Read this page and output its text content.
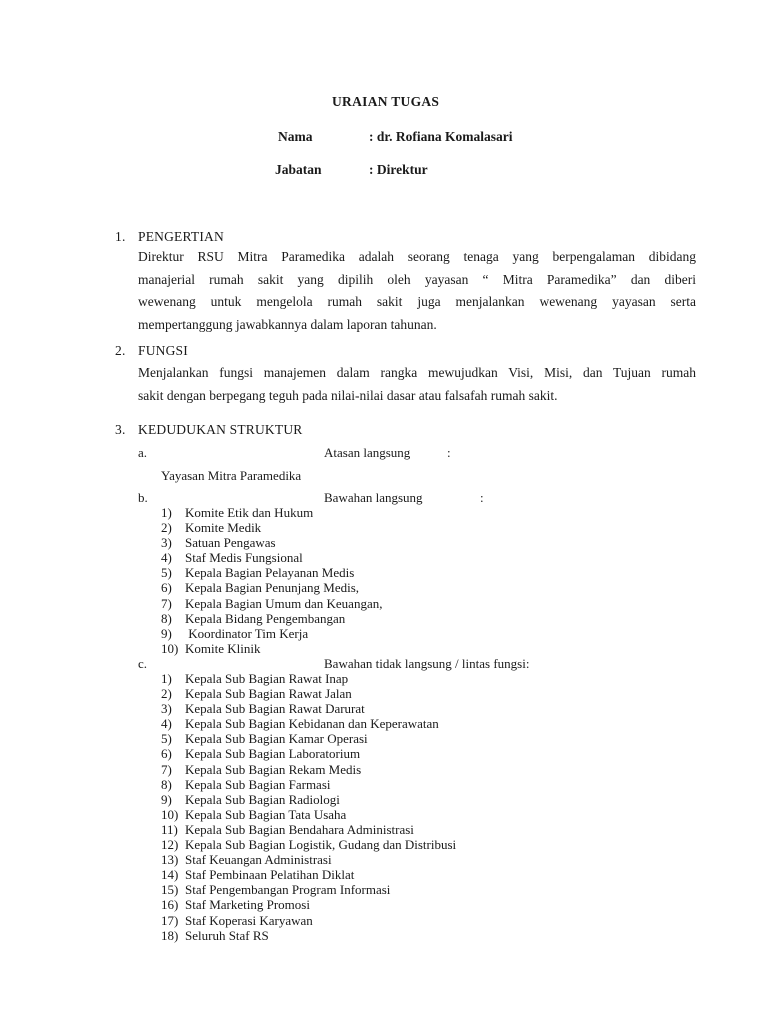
URAIAN TUGAS
Nama	: dr. Rofiana Komalasari
Jabatan	: Direktur
1. PENGERTIAN
Direktur RSU Mitra Paramedika adalah seorang tenaga yang berpengalaman dibidang
manajerial rumah sakit yang dipilih oleh yayasan “ Mitra Paramedika” dan diberi
wewenang untuk mengelola rumah sakit juga menjalankan wewenang yayasan serta
mempertanggung jawabkannya dalam laporan tahunan.
2. FUNGSI
Menjalankan fungsi manajemen dalam rangka mewujudkan Visi, Misi, dan Tujuan rumah
sakit dengan berpegang teguh pada nilai-nilai dasar atau falsafah rumah sakit.
3. KEDUDUKAN STRUKTUR
a.	Atasan langsung	:
Yayasan Mitra Paramedika
b.	Bawahan langsung	:
1) Komite Etik dan Hukum
2) Komite Medik
3) Satuan Pengawas
4) Staf Medis Fungsional
5) Kepala Bagian Pelayanan Medis
6) Kepala Bagian Penunjang Medis,
7) Kepala Bagian Umum dan Keuangan,
8) Kepala Bidang Pengembangan
9) Koordinator Tim Kerja
10) Komite Klinik
c.	Bawahan tidak langsung / lintas fungsi:
1) Kepala Sub Bagian Rawat Inap
2) Kepala Sub Bagian Rawat Jalan
3) Kepala Sub Bagian Rawat Darurat
4) Kepala Sub Bagian Kebidanan dan Keperawatan
5) Kepala Sub Bagian Kamar Operasi
6) Kepala Sub Bagian Laboratorium
7) Kepala Sub Bagian Rekam Medis
8) Kepala Sub Bagian Farmasi
9) Kepala Sub Bagian Radiologi
10) Kepala Sub Bagian Tata Usaha
11) Kepala Sub Bagian Bendahara Administrasi
12) Kepala Sub Bagian Logistik, Gudang dan Distribusi
13) Staf Keuangan Administrasi
14) Staf Pembinaan Pelatihan Diklat
15) Staf Pengembangan Program Informasi
16) Staf Marketing Promosi
17) Staf Koperasi Karyawan
18) Seluruh Staf RS
